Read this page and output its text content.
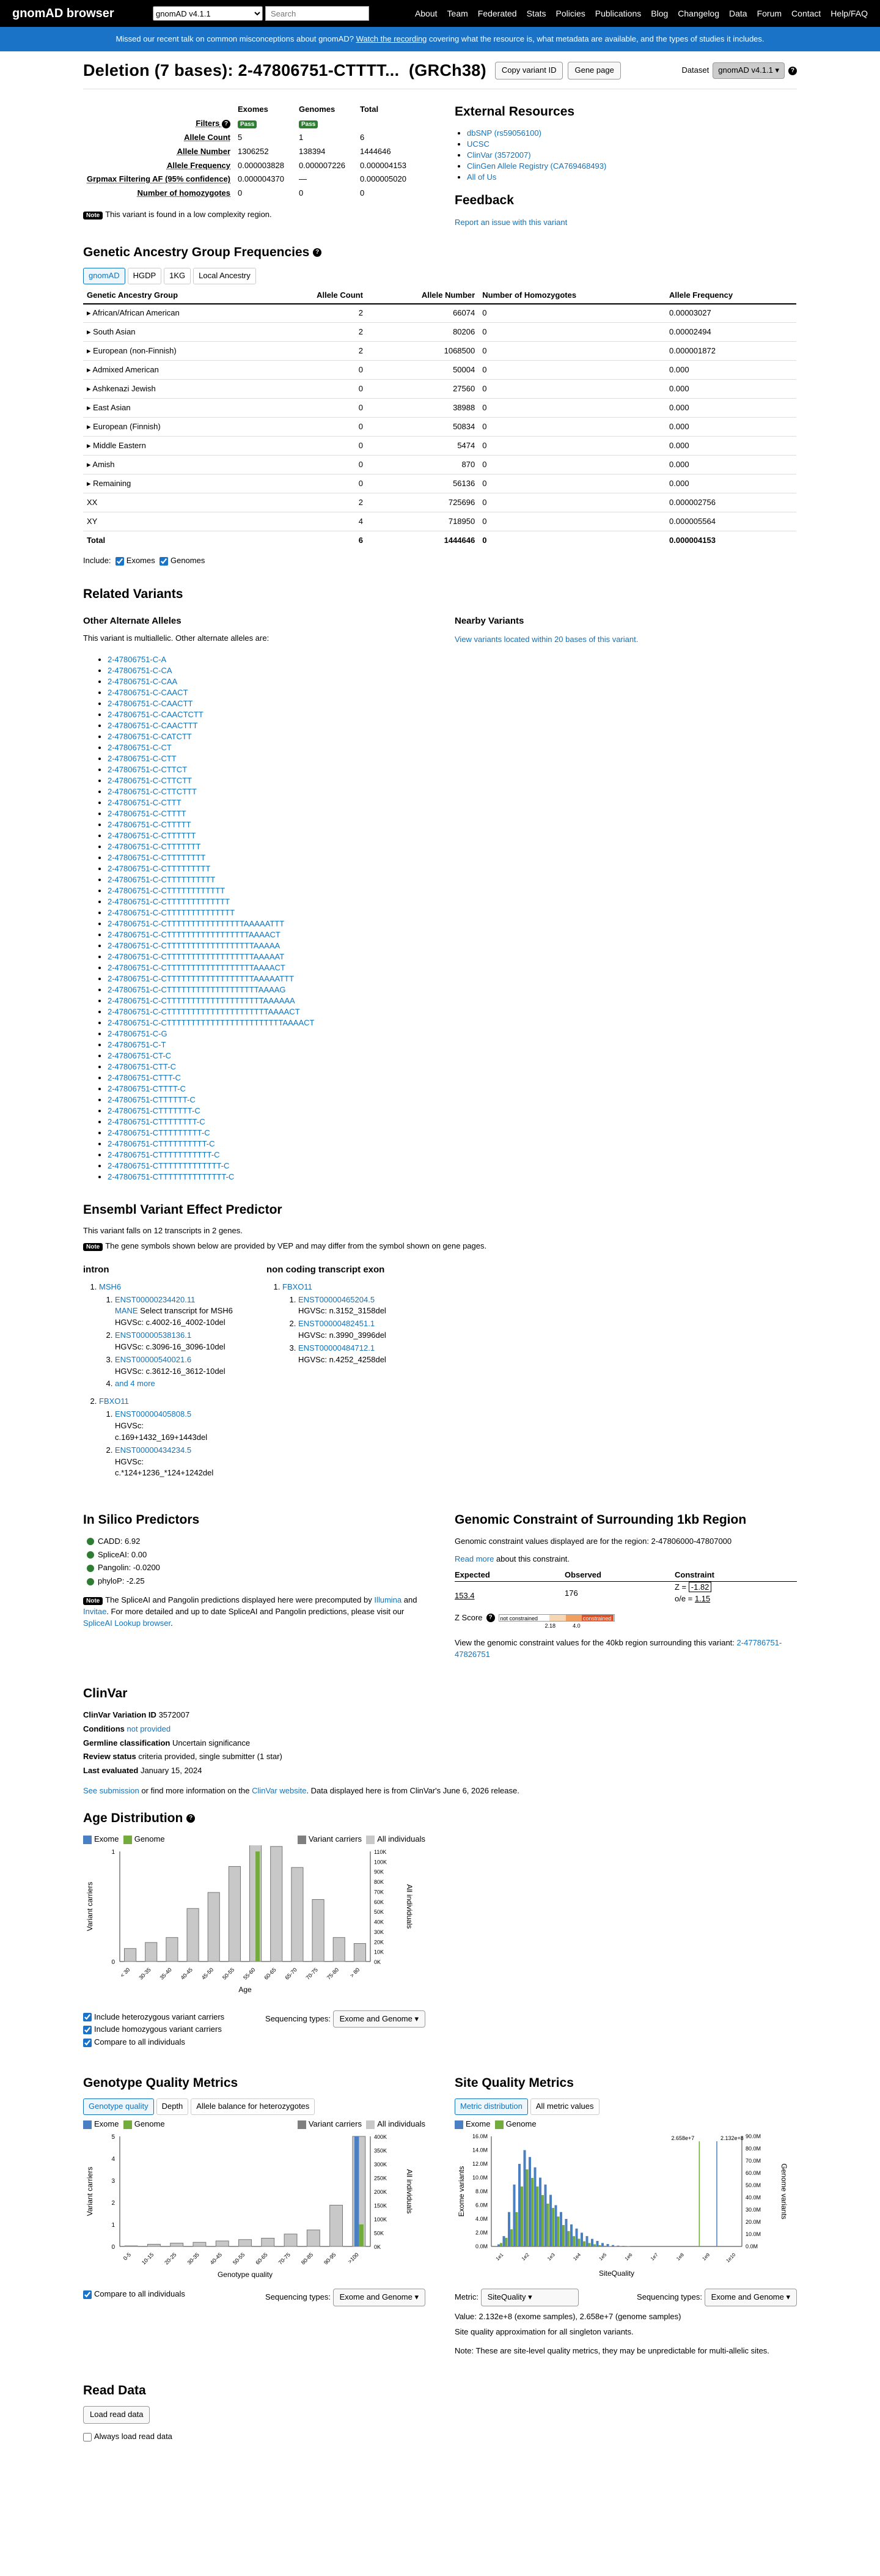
gnomAD browser
gnomAD v4.1.1
Search	About Team Federated Stats Policies Publications Blog Changelog Data Forum Contact Help/FAQ
Missed our recent talk on common misconceptions about gnomAD?
Watch the recording
covering what the resource is, what metadata are available, and the types of studies it includes.
Deletion (7 bases): 2-47806751-CTTTT... (GRCh38)	Copy variant ID	Gene page	Dataset	gnomAD v4.1.1 ▾	?
	Exomes	Genomes	Total
Filters ?	Pass	Pass	
Allele Count	5	1	6
Allele Number	1306252	138394	1444646
Allele Frequency	0.000003828	0.000007226	0.000004153
Grpmax Filtering AF (95% confidence)	0.000004370	—	0.000005020
Number of homozygotes	0	0	0

Note This variant is found in a low complexity region.

External Resources
• dbSNP (rs59056100)
• UCSC
• ClinVar (3572007)
• ClinGen Allele Registry (CA769468493)
• All of Us
Feedback
Report an issue with this variant
Genetic Ancestry Group Frequencies ?
gnomAD	HGDP	1KG	Local Ancestry
Genetic Ancestry Group	Allele Count	Allele Number	Number of Homozygotes	Allele Frequency
▸ African/African American	2	66074	0	0.00003027
▸ South Asian	2	80206	0	0.00002494
▸ European (non-Finnish)	2	1068500	0	0.000001872
▸ Admixed American	0	50004	0	0.000
▸ Ashkenazi Jewish	0	27560	0	0.000
▸ East Asian	0	38988	0	0.000
▸ European (Finnish)	0	50834	0	0.000
▸ Middle Eastern	0	5474	0	0.000
▸ Amish	0	870	0	0.000
▸ Remaining	0	56136	0	0.000
XX	2	725696	0	0.000002756
XY	4	718950	0	0.000005564
Total	6	1444646	0	0.000004153

Include: Exomes Genomes

Related Variants
Other Alternate Alleles

This variant is multiallelic. Other alternate alleles are:

• 2-47806751-C-A
• 2-47806751-C-CA
• 2-47806751-C-CAA
• 2-47806751-C-CAACT
• 2-47806751-C-CAACTT
• 2-47806751-C-CAACTCTT
• 2-47806751-C-CAACTTT
• 2-47806751-C-CATCTT
• 2-47806751-C-CT
• 2-47806751-C-CTT
• 2-47806751-C-CTTCT
• 2-47806751-C-CTTCTT
• 2-47806751-C-CTTCTTT
• 2-47806751-C-CTTT
• 2-47806751-C-CTTTT
• 2-47806751-C-CTTTTT
• 2-47806751-C-CTTTTTT
• 2-47806751-C-CTTTTTTT
• 2-47806751-C-CTTTTTTTT
• 2-47806751-C-CTTTTTTTTT
• 2-47806751-C-CTTTTTTTTTT
• 2-47806751-C-CTTTTTTTTTTTT
• 2-47806751-C-CTTTTTTTTTTTTT
• 2-47806751-C-CTTTTTTTTTTTTTT
• 2-47806751-C-CTTTTTTTTTTTTTTTTAAAAATTT
• 2-47806751-C-CTTTTTTTTTTTTTTTTTAAAACT
• 2-47806751-C-CTTTTTTTTTTTTTTTTTTAAAAA
• 2-47806751-C-CTTTTTTTTTTTTTTTTTTAAAAAT
• 2-47806751-C-CTTTTTTTTTTTTTTTTTTAAAACT
• 2-47806751-C-CTTTTTTTTTTTTTTTTTTAAAAATTT
• 2-47806751-C-CTTTTTTTTTTTTTTTTTTTAAAAG
• 2-47806751-C-CTTTTTTTTTTTTTTTTTTTTAAAAAA
• 2-47806751-C-CTTTTTTTTTTTTTTTTTTTTTAAAACT
• 2-47806751-C-CTTTTTTTTTTTTTTTTTTTTTTTTAAAACT
• 2-47806751-C-G
• 2-47806751-C-T
• 2-47806751-CT-C
• 2-47806751-CTT-C
• 2-47806751-CTTT-C
• 2-47806751-CTTTT-C
• 2-47806751-CTTTTTT-C
• 2-47806751-CTTTTTTT-C
• 2-47806751-CTTTTTTTT-C
• 2-47806751-CTTTTTTTTT-C
• 2-47806751-CTTTTTTTTTT-C
• 2-47806751-CTTTTTTTTTTT-C
• 2-47806751-CTTTTTTTTTTTTT-C
• 2-47806751-CTTTTTTTTTTTTTT-C
Nearby Variants
View variants located within 20 bases of this variant.
Ensembl Variant Effect Predictor

This variant falls on 12 transcripts in 2 genes.

Note The gene symbols shown below are provided by VEP and may differ from the symbol shown on gene pages.

intron
1. MSH6
1. ENST00000234420.11
MANE Select transcript for MSH6
HGVSc: c.4002-16_4002-10del
2. ENST00000538136.1
HGVSc: c.3096-16_3096-10del
3. ENST00000540021.6
HGVSc: c.3612-16_3612-10del
4. and 4 more
2. FBXO11
1. ENST00000405808.5
HGVSc: c.169+1432_169+1443del
2. ENST00000434234.5
HGVSc: c.*124+1236_*124+1242del
non coding transcript exon
1. FBXO11
1. ENST00000465204.5
HGVSc: n.3152_3158del
2. ENST00000482451.1
HGVSc: n.3990_3996del
3. ENST00000484712.1
HGVSc: n.4252_4258del
In Silico Predictors
CADD: 6.92
SpliceAI: 0.00
Pangolin: -0.0200
phyloP: -2.25

Note The SpliceAI and Pangolin predictions displayed here were precomputed by Illumina and Invitae. For more detailed and up to date SpliceAI and Pangolin predictions, please visit our SpliceAI Lookup browser.

Genomic Constraint of Surrounding 1kb Region

Genomic constraint values displayed are for the region: 2-47806000-47807000

Read more about this constraint.

Expected	Observed	Constraint
153.4	176	Z = -1.82
o/e = 1.15
Z Score ?	not constrained	constrained
2.18	4.0

View the genomic constraint values for the 40kb region surrounding this variant: 2-47786751-47826751

ClinVar

ClinVar Variation ID 3572007

Conditions not provided

Germline classification Uncertain significance

Review status criteria provided, single submitter (1 star)

Last evaluated January 15, 2024

See submission or find more information on the ClinVar website. Data displayed here is from ClinVar's June 6, 2026 release.

Age Distribution ?
Exome Genome	Variant carriers All individuals
0
1
0K
10K
20K
30K
40K
50K
60K
70K
80K
90K
100K
110K
< 30 30-35 35-40 40-45 45-50 50-55 55-60 60-65 65-70 70-75 75-80 > 80
Variant carriers	All individuals
Age
Include heterozygous variant carriers
Include homozygous variant carriers
Compare to all individuals
Sequencing types: Exome and Genome ▾
Genotype Quality Metrics
Genotype quality	Depth	Allele balance for heterozygotes
Exome Genome	Variant carriers All individuals
0
1
2
3
4
5
0K
50K
100K
150K
200K
250K
300K
350K
400K
0-5 10-15 20-25 30-35 40-45 50-55 60-65 70-75 80-85 90-95 >100
Variant carriers	All individuals
Genotype quality
Compare to all individuals	Sequencing types: Exome and Genome ▾
Site Quality Metrics
Metric distribution	All metric values
Exome Genome
0.0M
2.0M
4.0M
6.0M
8.0M
10.0M
12.0M
14.0M
16.0M
0.0M
10.0M
20.0M
30.0M
40.0M
50.0M
60.0M
70.0M
80.0M
90.0M
2.658e+7	2.132e+8
1e1	1e2	1e3	1e4	1e5	1e6	1e7	1e8	1e9	1e10
Exome variants	Genome variants
SiteQuality
Metric: SiteQuality ▾	Sequencing types: Exome and Genome ▾

Value: 2.132e+8 (exome samples), 2.658e+7 (genome samples)

Site quality approximation for all singleton variants.

Note: These are site-level quality metrics, they may be unpredictable for multi-allelic sites.

Read Data
Load read data

Always load read data
